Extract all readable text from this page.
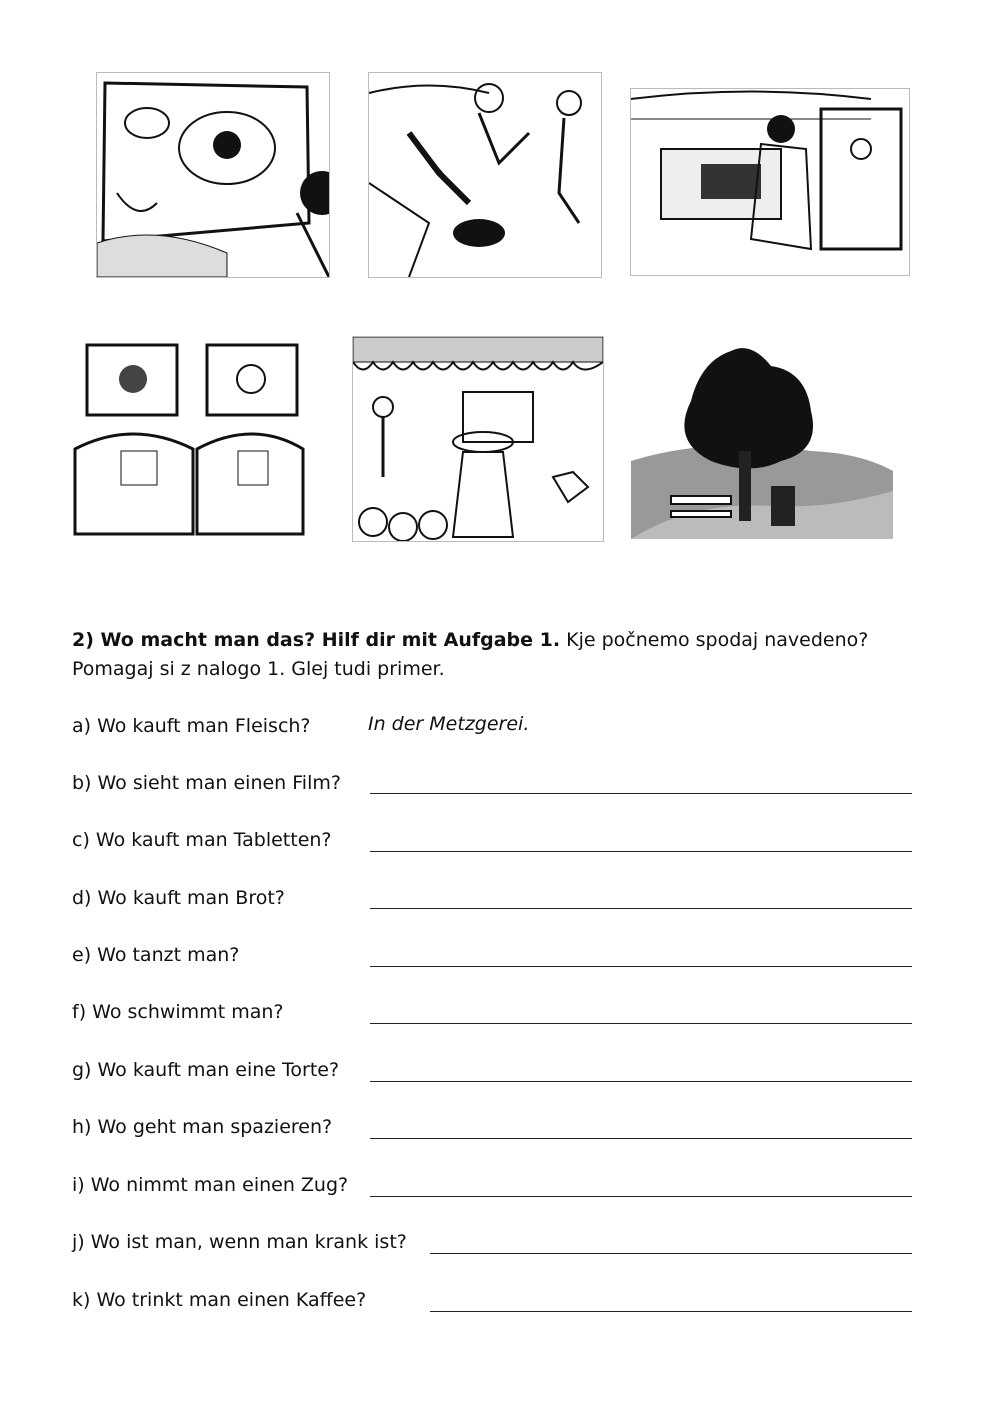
2) Wo macht man das? Hilf dir mit Aufgabe 1. Kje počnemo spodaj navedeno?
Pomagaj si z nalogo 1. Glej tudi primer.
a) Wo kauft man Fleisch?	In der Metzgerei.
b) Wo sieht man einen Film?
c) Wo kauft man Tabletten?
d) Wo kauft man Brot?
e) Wo tanzt man?
f) Wo schwimmt man?
g) Wo kauft man eine Torte?
h) Wo geht man spazieren?
i) Wo nimmt man einen Zug?
j) Wo ist man, wenn man krank ist?
k) Wo trinkt man einen Kaffee?
